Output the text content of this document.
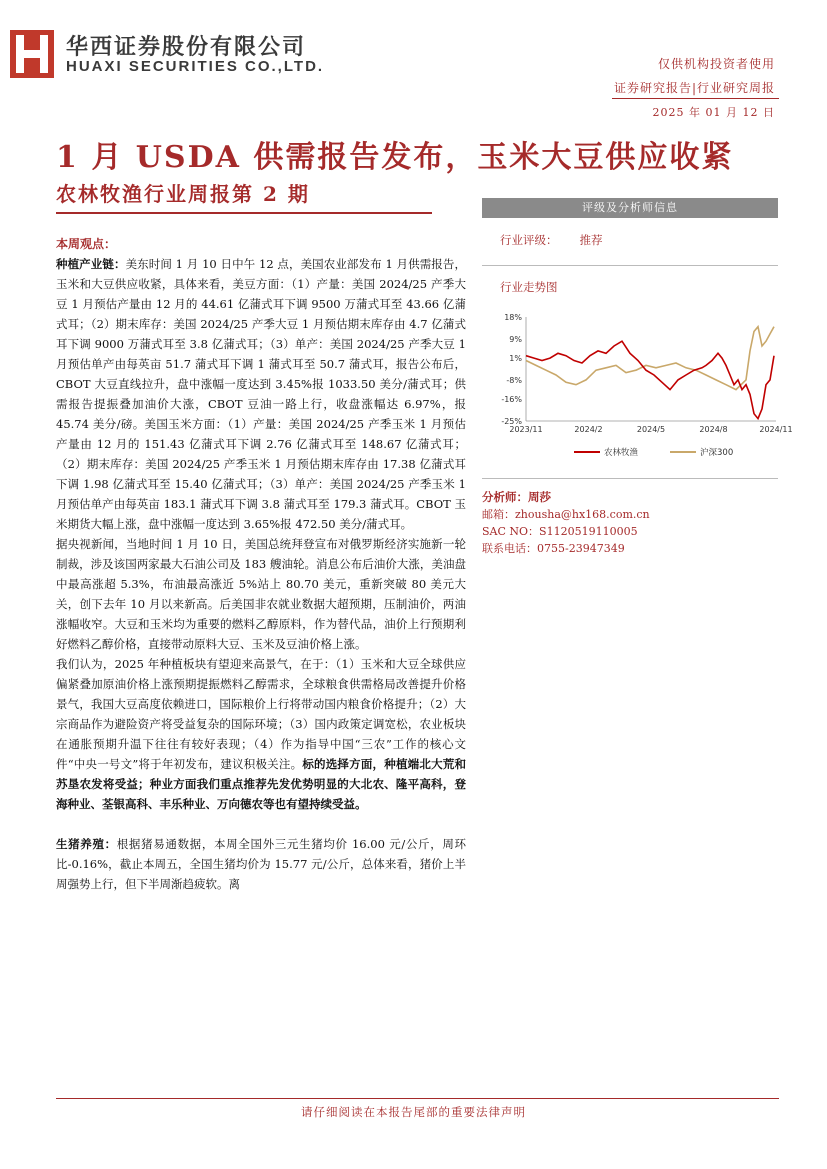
华西证券股份有限公司
HUAXI SECURITIES CO.,LTD.	仅供机构投资者使用
证券研究报告|行业研究周报
2025 年 01 月 12 日
1 月 USDA 供需报告发布，玉米大豆供应收紧
农林牧渔行业周报第 2 期

本周观点：

种植产业链：美东时间 1 月 10 日中午 12 点，美国农业部发布 1 月供需报告，玉米和大豆供应收紧，具体来看，美豆方面：（1）产量：美国 2024/25 产季大豆 1 月预估产量由 12 月的 44.61 亿蒲式耳下调 9500 万蒲式耳至 43.66 亿蒲式耳；（2）期末库存：美国 2024/25 产季大豆 1 月预估期末库存由 4.7 亿蒲式耳下调 9000 万蒲式耳至 3.8 亿蒲式耳；（3）单产：美国 2024/25 产季大豆 1 月预估单产由每英亩 51.7 蒲式耳下调 1 蒲式耳至 50.7 蒲式耳，报告公布后，CBOT 大豆直线拉升，盘中涨幅一度达到 3.45%报 1033.50 美分/蒲式耳；供需报告提振叠加油价大涨，CBOT 豆油一路上行，收盘涨幅达 6.97%，报 45.74 美分/磅。美国玉米方面：（1）产量：美国 2024/25 产季玉米 1 月预估产量由 12 月的 151.43 亿蒲式耳下调 2.76 亿蒲式耳至 148.67 亿蒲式耳；（2）期末库存：美国 2024/25 产季玉米 1 月预估期末库存由 17.38 亿蒲式耳下调 1.98 亿蒲式耳至 15.40 亿蒲式耳；（3）单产：美国 2024/25 产季玉米 1 月预估单产由每英亩 183.1 蒲式耳下调 3.8 蒲式耳至 179.3 蒲式耳。CBOT 玉米期货大幅上涨，盘中涨幅一度达到 3.65%报 472.50 美分/蒲式耳。

据央视新闻，当地时间 1 月 10 日，美国总统拜登宣布对俄罗斯经济实施新一轮制裁，涉及该国两家最大石油公司及 183 艘油轮。消息公布后油价大涨，美油盘中最高涨超 5.3%，布油最高涨近 5%站上 80.70 美元，重新突破 80 美元大关，创下去年 10 月以来新高。后美国非农就业数据大超预期，压制油价，两油涨幅收窄。大豆和玉米均为重要的燃料乙醇原料，作为替代品，油价上行预期利好燃料乙醇价格，直接带动原料大豆、玉米及豆油价格上涨。

我们认为，2025 年种植板块有望迎来高景气，在于：（1）玉米和大豆全球供应偏紧叠加原油价格上涨预期提振燃料乙醇需求，全球粮食供需格局改善提升价格景气，我国大豆高度依赖进口，国际粮价上行将带动国内粮食价格提升；（2）大宗商品作为避险资产将受益复杂的国际环境；（3）国内政策定调宽松，农业板块在通胀预期升温下往往有较好表现；（4）作为指导中国“三农”工作的核心文件“中央一号文”将于年初发布，建议积极关注。标的选择方面，种植端北大荒和苏垦农发将受益；种业方面我们重点推荐先发优势明显的大北农、隆平高科，登海种业、荃银高科、丰乐种业、万向德农等也有望持续受益。

生猪养殖：根据猪易通数据，本周全国外三元生猪均价 16.00 元/公斤，周环比-0.16%，截止本周五，全国生猪均价为 15.77 元/公斤，总体来看，猪价上半周强势上行，但下半周渐趋疲软。离

评级及分析师信息
行业评级： 推荐
行业走势图
18%
9%
1%
-8%
-16%
-25%
2023/11	2024/2	2024/5	2024/8	2024/11
农林牧渔	沪深300
分析师：周莎
邮箱：zhousha@hx168.com.cn
SAC NO：S1120519110005
联系电话：0755-23947349
请仔细阅读在本报告尾部的重要法律声明
